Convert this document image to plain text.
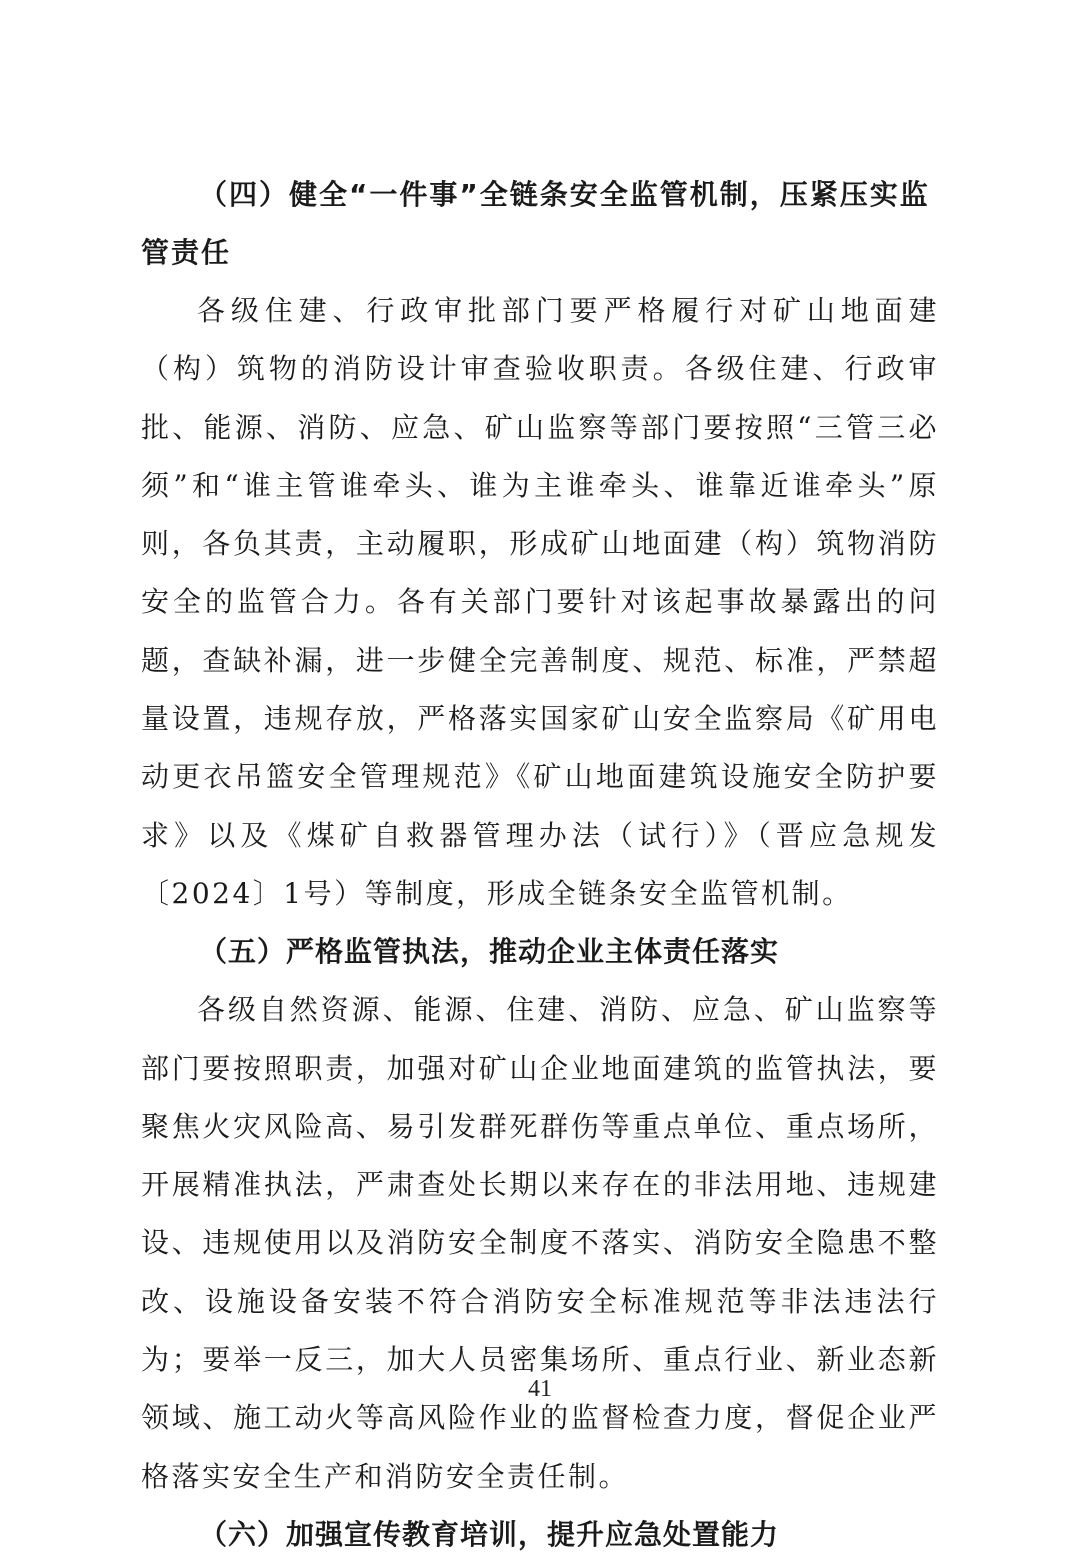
（四）健全“一件事”全链条安全监管机制，压紧压实监管责任

各级住建、行政审批部门要严格履行对矿山地面建（构）筑物的消防设计审查验收职责。各级住建、行政审批、能源、消防、应急、矿山监察等部门要按照“三管三必须”和“谁主管谁牵头、谁为主谁牵头、谁靠近谁牵头”原则，各负其责，主动履职，形成矿山地面建（构）筑物消防安全的监管合力。各有关部门要针对该起事故暴露出的问题，查缺补漏，进一步健全完善制度、规范、标准，严禁超量设置，违规存放，严格落实国家矿山安全监察局《矿用电动更衣吊篮安全管理规范》《矿山地面建筑设施安全防护要求》以及《煤矿自救器管理办法（试行）》（晋应急规发〔2024〕1号）等制度，形成全链条安全监管机制。

（五）严格监管执法，推动企业主体责任落实

各级自然资源、能源、住建、消防、应急、矿山监察等部门要按照职责，加强对矿山企业地面建筑的监管执法，要聚焦火灾风险高、易引发群死群伤等重点单位、重点场所，开展精准执法，严肃查处长期以来存在的非法用地、违规建设、违规使用以及消防安全制度不落实、消防安全隐患不整改、设施设备安装不符合消防安全标准规范等非法违法行为；要举一反三，加大人员密集场所、重点行业、新业态新领域、施工动火等高风险作业的监督检查力度，督促企业严格落实安全生产和消防安全责任制。

（六）加强宣传教育培训，提升应急处置能力
41
